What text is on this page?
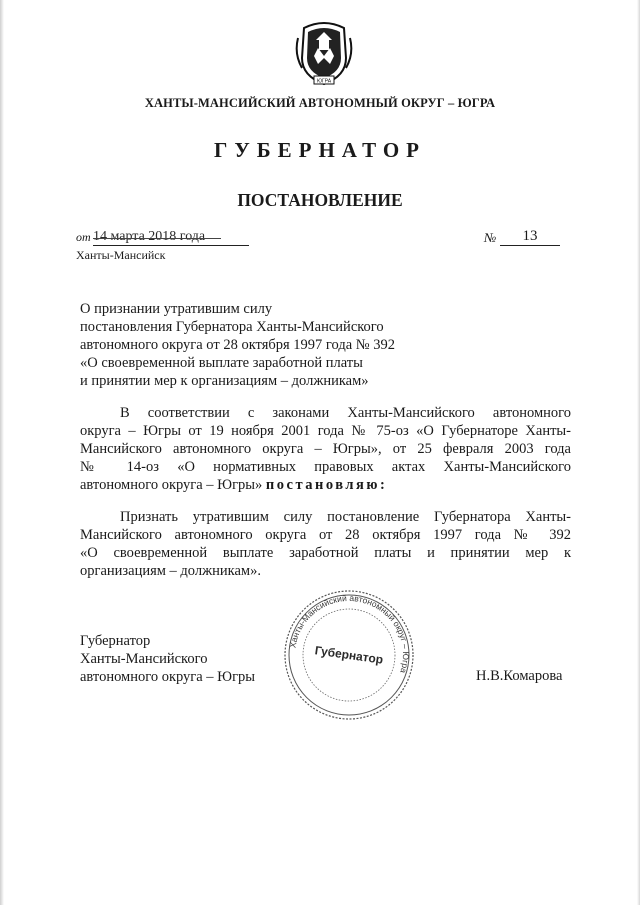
ЮГРА
ХАНТЫ-МАНСИЙСКИЙ АВТОНОМНЫЙ ОКРУГ – ЮГРА
ГУБЕРНАТОР
ПОСТАНОВЛЕНИЕ
от 14 марта 2018 года	№	13
Ханты-Мансийск
О признании утратившим силу
постановления Губернатора Ханты-Мансийского
автономного округа от 28 октября 1997 года № 392
«О своевременной выплате заработной платы
и принятии мер к организациям – должникам»
В соответствии с законами Ханты-Мансийского автономного
округа – Югры от 19 ноября 2001 года № 75-оз «О Губернаторе Ханты-
Мансийского автономного округа – Югры», от 25 февраля 2003 года
№ 14-оз «О нормативных правовых актах Ханты-Мансийского
автономного округа – Югры» постановляю:
Признать утратившим силу постановление Губернатора Ханты-
Мансийского автономного округа от 28 октября 1997 года № 392
«О своевременной выплате заработной платы и принятии мер к
организациям – должникам».
Губернатор
Ханты-Мансийского
автономного округа – Югры
Ханты-Мансийский автономный округ – Югра
Губернатор
Н.В.Комарова
